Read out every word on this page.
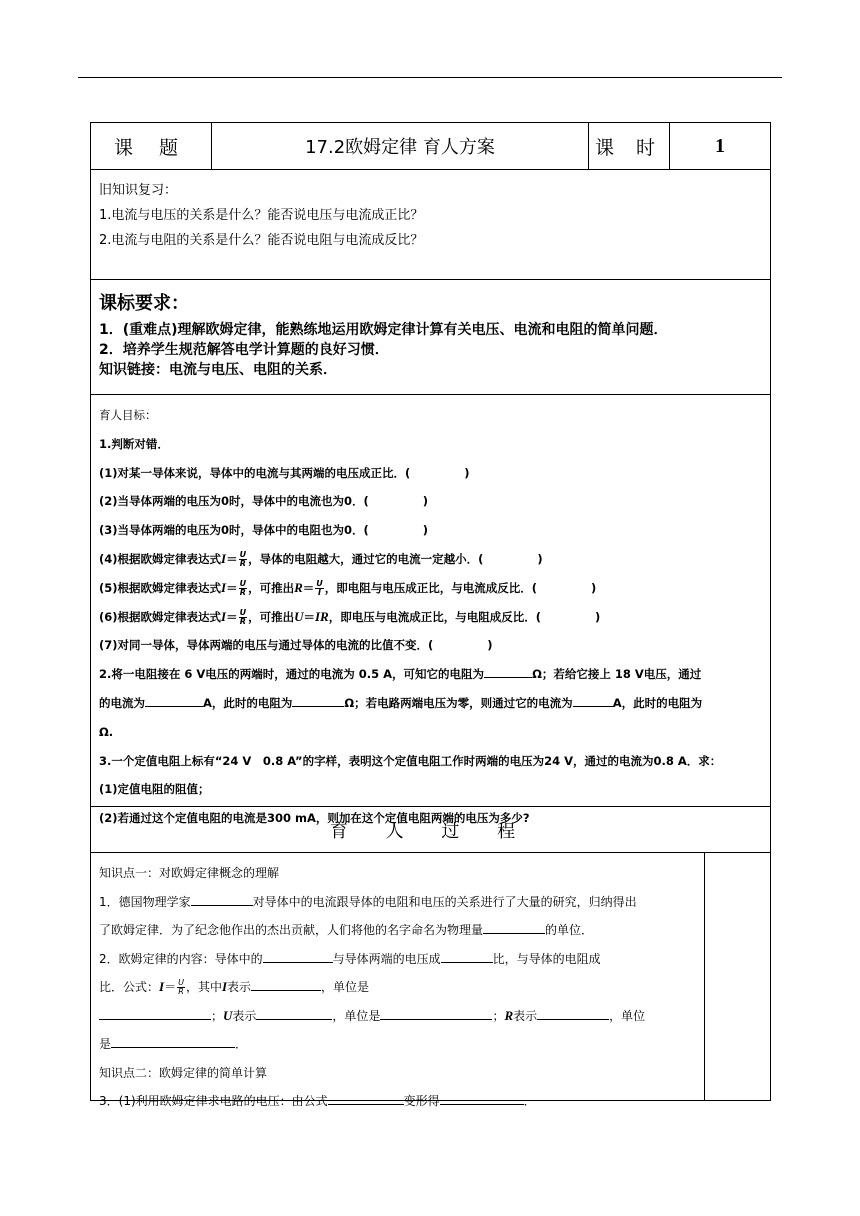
课 题	17.2欧姆定律 育人方案	课 时	1
旧知识复习：
1.电流与电压的关系是什么？能否说电压与电流成正比？
2.电流与电阻的关系是什么？能否说电阻与电流成反比？
课标要求：
1．(重难点)理解欧姆定律，能熟练地运用欧姆定律计算有关电压、电流和电阻的简单问题．
2．培养学生规范解答电学计算题的良好习惯．
知识链接：电流与电压、电阻的关系．
育人目标：
1.判断对错．
(1)对某一导体来说，导体中的电流与其两端的电压成正比．(	)
(2)当导体两端的电压为0时，导体中的电流也为0．(	)
(3)当导体两端的电压为0时，导体中的电阻也为0．(	)
(4)根据欧姆定律表达式$I= \frac{U}{R}$ ，导体的电阻越大，通过它的电流一定越小．(	)
(5)根据欧姆定律表达式$I= \frac{U}{R}$ ，可推出$R= \frac{U}{I}$ ，即电阻与电压成正比，与电流成反比．(	)
(6)根据欧姆定律表达式$I= \frac{U}{R}$ ，可推出U＝IR，即电压与电流成正比，与电阻成反比．(	)
(7)对同一导体，导体两端的电压与通过导体的电流的比值不变．(	)
2.将一电阻接在 6 V电压的两端时，通过的电流为 0.5 A，可知它的电阻为	Ω；若给它接上 18 V电压，通过
的电流为	A，此时的电阻为	Ω；若电路两端电压为零，则通过它的电流为	A，此时的电阻为
Ω.
3.一个定值电阻上标有“24 V　0.8 A”的字样，表明这个定值电阻工作时两端的电压为24 V，通过的电流为0.8 A．求：
(1)定值电阻的阻值；
(2)若通过这个定值电阻的电流是300 mA，则加在这个定值电阻两端的电压为多少?
育 人 过 程
知识点一：对欧姆定律概念的理解
1．德国物理学家	对导体中的电流跟导体的电阻和电压的关系进行了大量的研究，归纳得出
了欧姆定律．为了纪念他作出的杰出贡献，人们将他的名字命名为物理量	的单位．
2．欧姆定律的内容：导体中的	与导体两端的电压成	比，与导体的电阻成
比．公式：$I= \frac{U}{R}$ ，其中I表示	，单位是
；U表示	，单位是	；R表示	，单位
是	．
知识点二：欧姆定律的简单计算
3．(1)利用欧姆定律求电路的电压：由公式	变形得	．
